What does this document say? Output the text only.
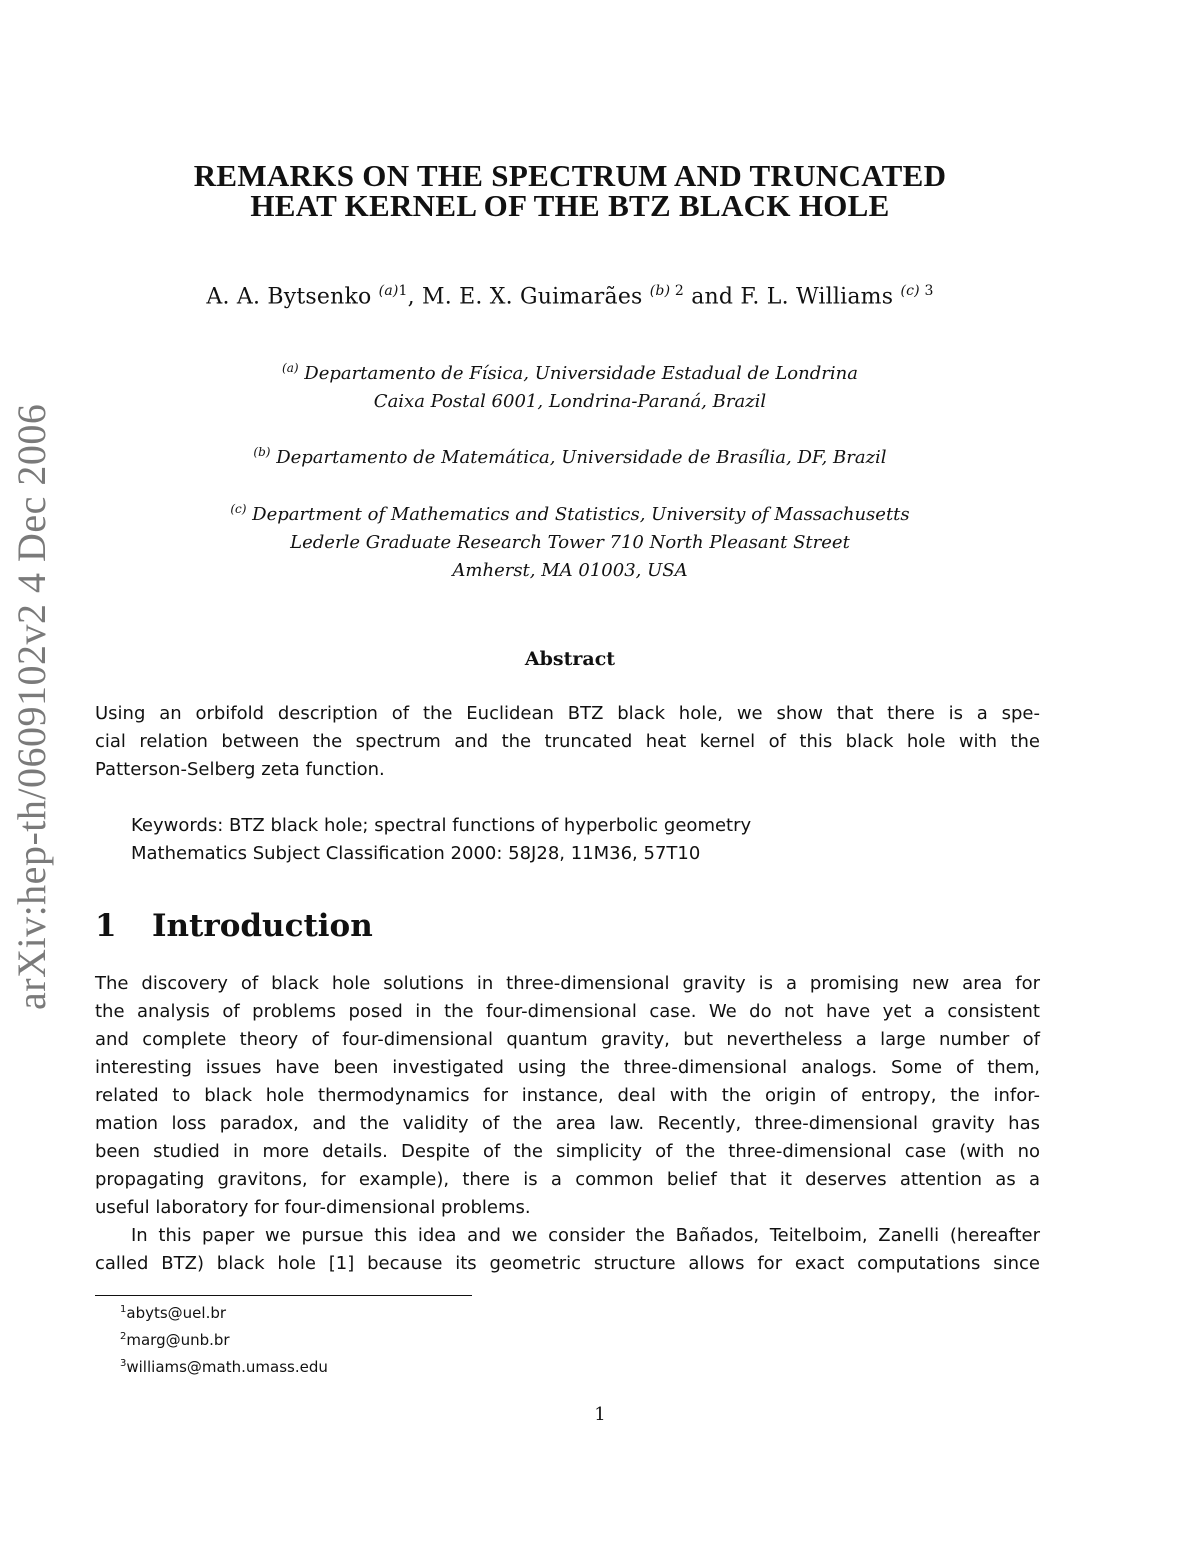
arXiv:hep-th/0609102v2 4 Dec 2006
REMARKS ON THE SPECTRUM AND TRUNCATED
HEAT KERNEL OF THE BTZ BLACK HOLE
A. A. Bytsenko $^{(a)1}$, M. E. X. Guimarães $^{(b) 2}$ and F. L. Williams $^{(c) 3}$
$^{(a)}$ Departamento de Física, Universidade Estadual de Londrina
Caixa Postal 6001, Londrina-Paraná, Brazil
$^{(b)}$ Departamento de Matemática, Universidade de Brasília, DF, Brazil
$^{(c)}$ Department of Mathematics and Statistics, University of Massachusetts
Lederle Graduate Research Tower 710 North Pleasant Street
Amherst, MA 01003, USA
Abstract
Using an orbifold description of the Euclidean BTZ black hole, we show that there is a spe-
cial relation between the spectrum and the truncated heat kernel of this black hole with the
Patterson-Selberg zeta function.
Keywords: BTZ black hole; spectral functions of hyperbolic geometry
Mathematics Subject Classification 2000: 58J28, 11M36, 57T10
1 Introduction
The discovery of black hole solutions in three-dimensional gravity is a promising new area for
the analysis of problems posed in the four-dimensional case. We do not have yet a consistent
and complete theory of four-dimensional quantum gravity, but nevertheless a large number of
interesting issues have been investigated using the three-dimensional analogs. Some of them,
related to black hole thermodynamics for instance, deal with the origin of entropy, the infor-
mation loss paradox, and the validity of the area law. Recently, three-dimensional gravity has
been studied in more details. Despite of the simplicity of the three-dimensional case (with no
propagating gravitons, for example), there is a common belief that it deserves attention as a
useful laboratory for four-dimensional problems.
In this paper we pursue this idea and we consider the Bañados, Teitelboim, Zanelli (hereafter
called BTZ) black hole [1] because its geometric structure allows for exact computations since
$^1$abyts@uel.br
$^2$marg@unb.br
$^3$williams@math.umass.edu
1
